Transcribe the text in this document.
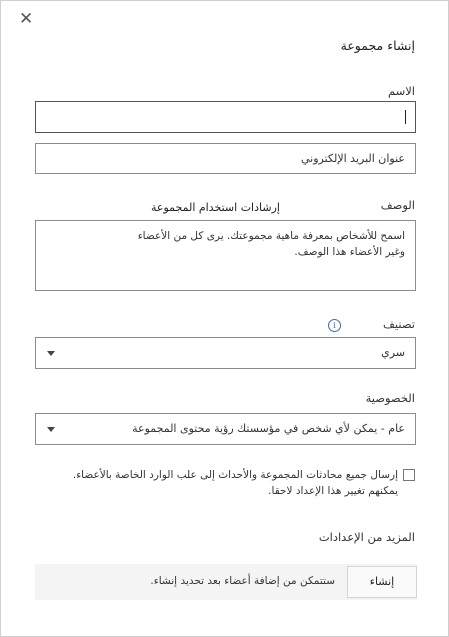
✕
إنشاء مجموعة
الاسم
عنوان البريد الإلكتروني
الوصف
إرشادات استخدام المجموعة
اسمح للأشخاص بمعرفة ماهية مجموعتك. يرى كل من الأعضاء
وغير الأعضاء هذا الوصف.
تصنيف
i
سري
الخصوصية
عام - يمكن لأي شخص في مؤسستك رؤية محتوى المجموعة
إرسال جميع محادثات المجموعة والأحداث إلى علب الوارد الخاصة بالأعضاء.
يمكنهم تغيير هذا الإعداد لاحقا.
المزيد من الإعدادات
إنشاء
ستتمكن من إضافة أعضاء بعد تحديد إنشاء.
